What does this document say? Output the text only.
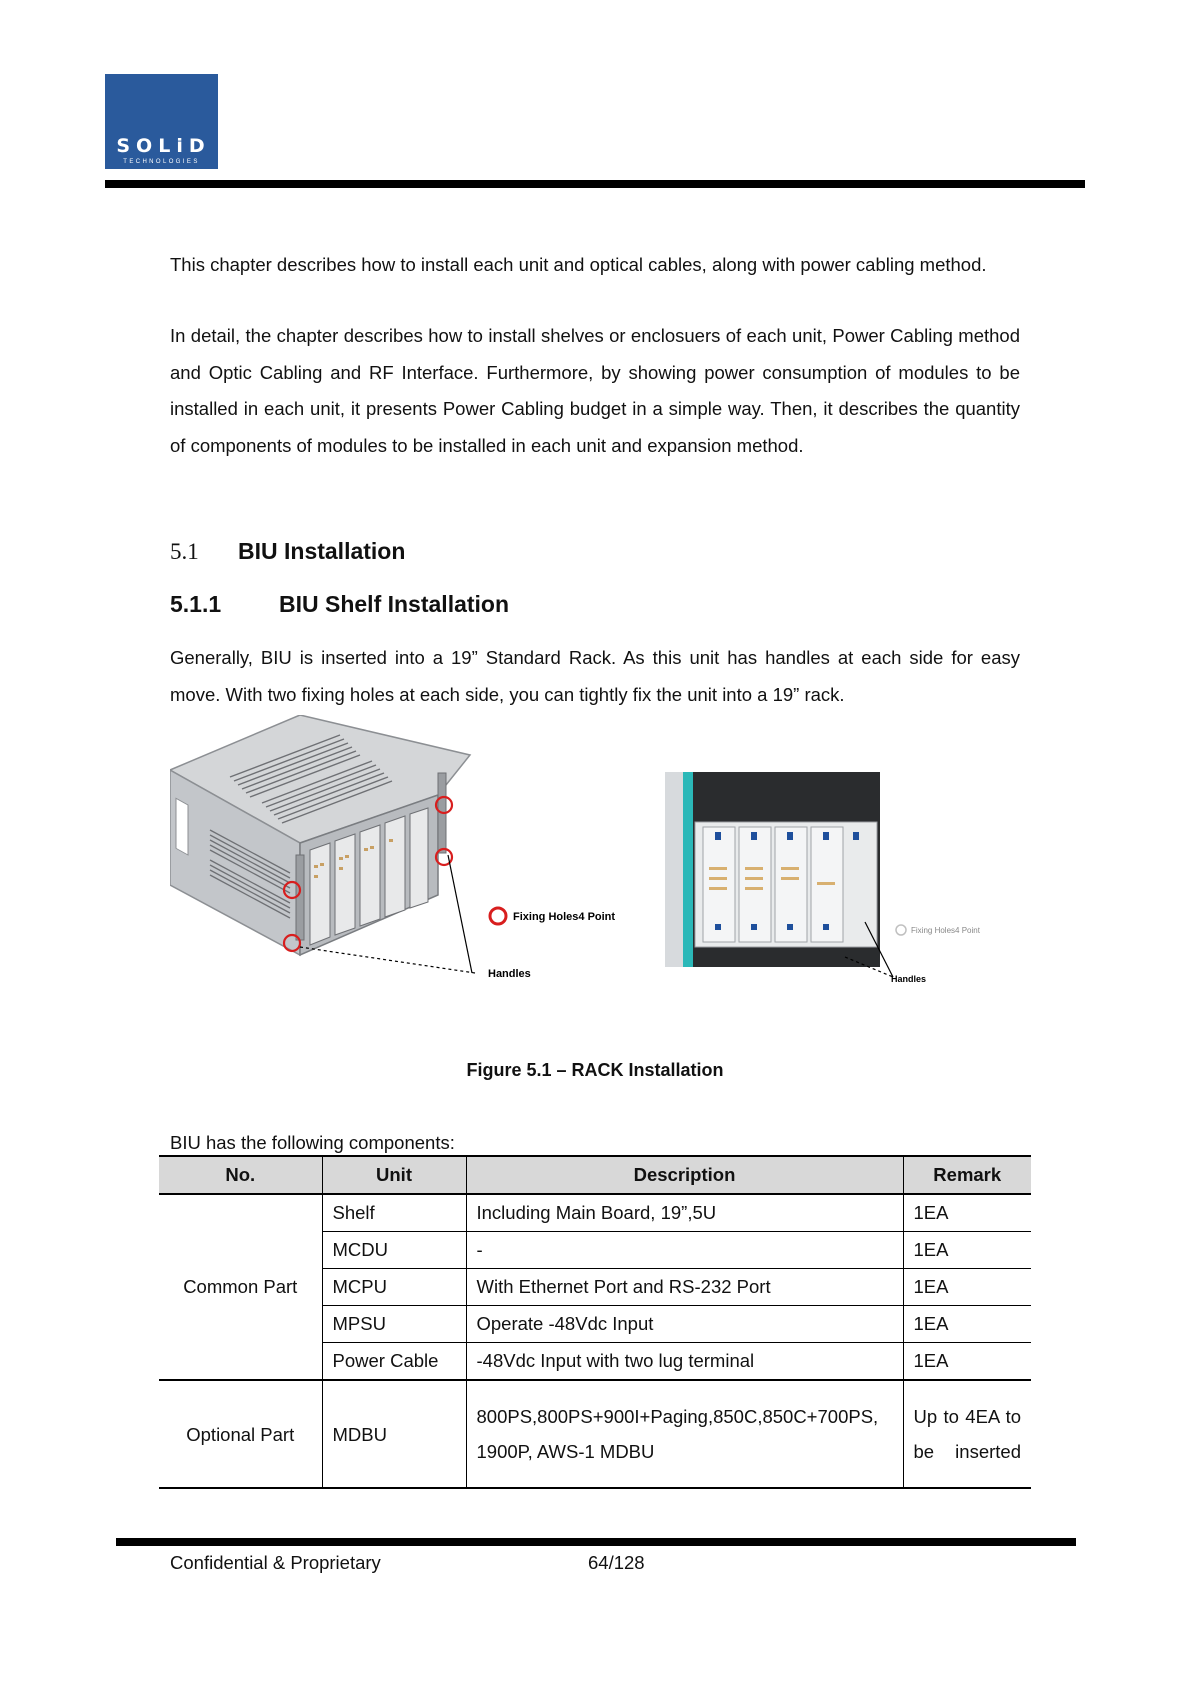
SOLiD
TECHNOLOGIES

This chapter describes how to install each unit and optical cables, along with power cabling method.

In detail, the chapter describes how to install shelves or enclosuers of each unit, Power Cabling method and Optic Cabling and RF Interface. Furthermore, by showing power consumption of modules to be installed in each unit, it presents Power Cabling budget in a simple way. Then, it describes the quantity of components of modules to be installed in each unit and expansion method.

5.1 BIU Installation
5.1.1	BIU Shelf Installation

Generally, BIU is inserted into a 19” Standard Rack. As this unit has handles at each side for easy move. With two fixing holes at each side, you can tightly fix the unit into a 19” rack.

Fixing Holes4 Point
Handles
Fixing Holes4 Point
Handles

Figure 5.1 – RACK Installation

BIU has the following components:

No.	Unit	Description	Remark
Common Part	Shelf	Including Main Board, 19”,5U	1EA
	MCDU	-	1EA
	MCPU	With Ethernet Port and RS-232 Port	1EA
	MPSU	Operate -48Vdc Input	1EA
	Power Cable	-48Vdc Input with two lug terminal	1EA
Optional Part	MDBU	800PS,800PS+900I+Paging,850C,850C+700PS, 1900P, AWS-1 MDBU	Up to 4EA to be inserted

Confidential & Proprietary	64/128
